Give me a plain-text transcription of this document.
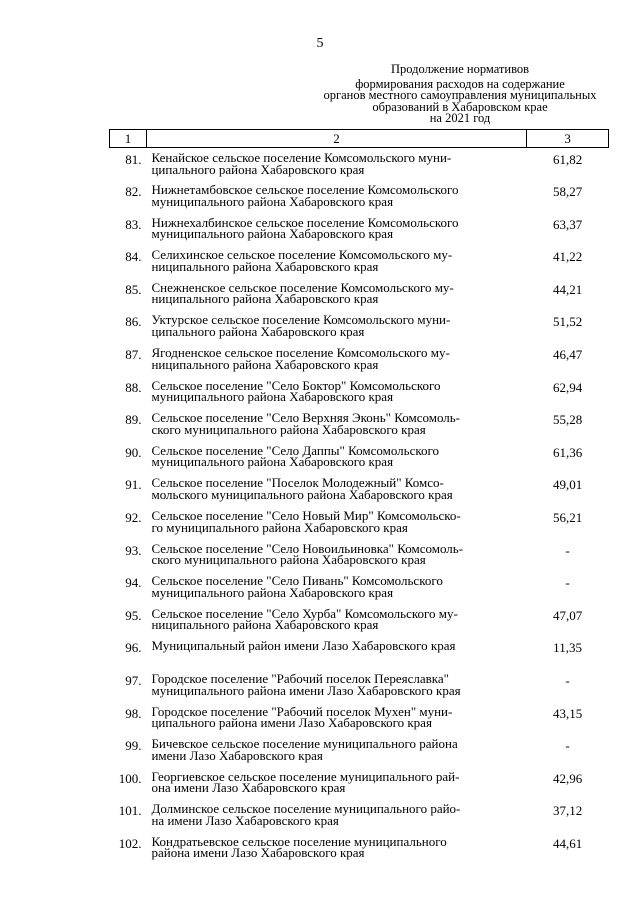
5
Продолжение нормативов
формирования расходов на содержание
органов местного самоуправления муниципальных
образований в Хабаровском крае
на 2021 год
1	2	3
81.	Кенайское сельское поселение Комсомольского муни-
ципального района Хабаровского края	61,82
82.	Нижнетамбовское сельское поселение Комсомольского
муниципального района Хабаровского края	58,27
83.	Нижнехалбинское сельское поселение Комсомольского
муниципального района Хабаровского края	63,37
84.	Селихинское сельское поселение Комсомольского му-
ниципального района Хабаровского края	41,22
85.	Снежненское сельское поселение Комсомольского му-
ниципального района Хабаровского края	44,21
86.	Уктурское сельское поселение Комсомольского муни-
ципального района Хабаровского края	51,52
87.	Ягодненское сельское поселение Комсомольского му-
ниципального района Хабаровского края	46,47
88.	Сельское поселение "Село Боктор" Комсомольского
муниципального района Хабаровского края	62,94
89.	Сельское поселение "Село Верхняя Эконь" Комсомоль-
ского муниципального района Хабаровского края	55,28
90.	Сельское поселение "Село Даппы" Комсомольского
муниципального района Хабаровского края	61,36
91.	Сельское поселение "Поселок Молодежный" Комсо-
мольского муниципального района Хабаровского края	49,01
92.	Сельское поселение "Село Новый Мир" Комсомольско-
го муниципального района Хабаровского края	56,21
93.	Сельское поселение "Село Новоильиновка" Комсомоль-
ского муниципального района Хабаровского края	-
94.	Сельское поселение "Село Пивань" Комсомольского
муниципального района Хабаровского края	-
95.	Сельское поселение "Село Хурба" Комсомольского му-
ниципального района Хабаровского края	47,07
96.	Муниципальный район имени Лазо Хабаровского края	11,35
97.	Городское поселение "Рабочий поселок Переяславка"
муниципального района имени Лазо Хабаровского края	-
98.	Городское поселение "Рабочий поселок Мухен" муни-
ципального района имени Лазо Хабаровского края	43,15
99.	Бичевское сельское поселение муниципального района
имени Лазо Хабаровского края	-
100.	Георгиевское сельское поселение муниципального рай-
она имени Лазо Хабаровского края	42,96
101.	Долминское сельское поселение муниципального райо-
на имени Лазо Хабаровского края	37,12
102.	Кондратьевское сельское поселение муниципального
района имени Лазо Хабаровского края	44,61
